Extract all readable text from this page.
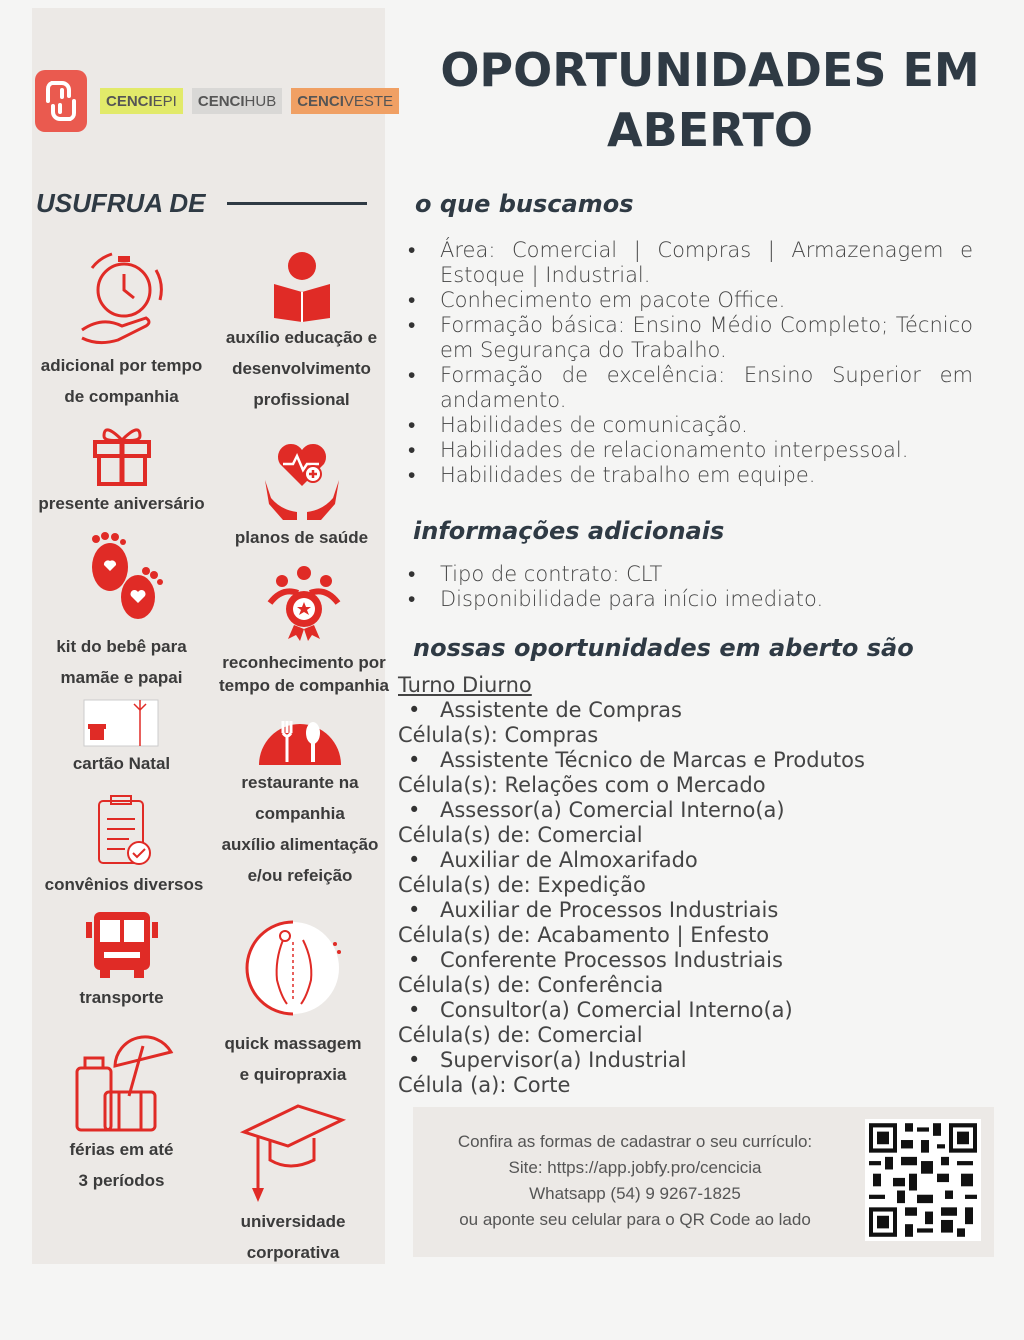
CENCI EPI CENCI HUB CENCI VESTE
USUFRUA DE
adicional por tempo
de companhia
presente aniversário
kit do bebê para
mamãe e papai
cartão Natal
convênios diversos
transporte
férias em até
3 períodos
auxílio educação e
desenvolvimento
profissional
planos de saúde
reconhecimento por
tempo de companhia
restaurante na
companhia
auxílio alimentação
e/ou refeição
quick massagem
e quiropraxia
universidade
corporativa
OPORTUNIDADES EM ABERTO
o que buscamos
• Área: Comercial | Compras | Armazenagem e Estoque | Industrial.
• Conhecimento em pacote Office.
• Formação básica: Ensino Médio Completo; Técnico em Segurança do Trabalho.
• Formação de excelência: Ensino Superior em andamento.
• Habilidades de comunicação.
• Habilidades de relacionamento interpessoal.
• Habilidades de trabalho em equipe.
informações adicionais
• Tipo de contrato: CLT
• Disponibilidade para início imediato.
nossas oportunidades em aberto são
Turno Diurno
• Assistente de Compras
Célula(s): Compras
• Assistente Técnico de Marcas e Produtos
Célula(s): Relações com o Mercado
• Assessor(a) Comercial Interno(a)
Célula(s) de: Comercial
• Auxiliar de Almoxarifado
Célula(s) de: Expedição
• Auxiliar de Processos Industriais
Célula(s) de: Acabamento | Enfesto
• Conferente Processos Industriais
Célula(s) de: Conferência
• Consultor(a) Comercial Interno(a)
Célula(s) de: Comercial
• Supervisor(a) Industrial
Célula (a): Corte
Confira as formas de cadastrar o seu currículo:
Site: https://app.jobfy.pro/cencicia
Whatsapp (54) 9 9267-1825
ou aponte seu celular para o QR Code ao lado
